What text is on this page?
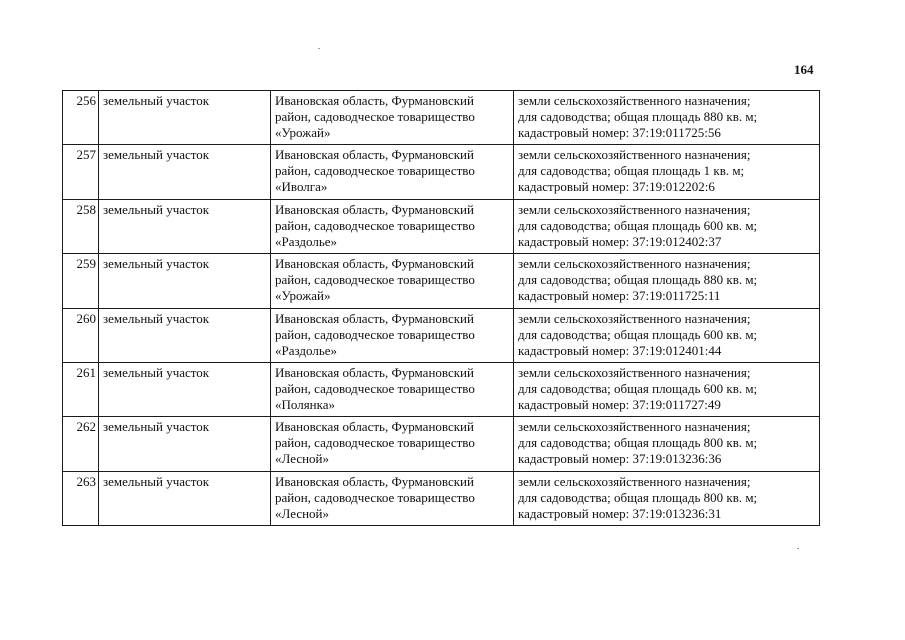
164
256	земельный участок	Ивановская область, Фурмановский
район, садоводческое товарищество
«Урожай»	земли сельскохозяйственного назначения;
для садоводства; общая площадь 880 кв. м;
кадастровый номер: 37:19:011725:56

257	земельный участок	Ивановская область, Фурмановский
район, садоводческое товарищество
«Иволга»	земли сельскохозяйственного назначения;
для садоводства; общая площадь 1 кв. м;
кадастровый номер: 37:19:012202:6

258	земельный участок	Ивановская область, Фурмановский
район, садоводческое товарищество
«Раздолье»	земли сельскохозяйственного назначения;
для садоводства; общая площадь 600 кв. м;
кадастровый номер: 37:19:012402:37

259	земельный участок	Ивановская область, Фурмановский
район, садоводческое товарищество
«Урожай»	земли сельскохозяйственного назначения;
для садоводства; общая площадь 880 кв. м;
кадастровый номер: 37:19:011725:11

260	земельный участок	Ивановская область, Фурмановский
район, садоводческое товарищество
«Раздолье»	земли сельскохозяйственного назначения;
для садоводства; общая площадь 600 кв. м;
кадастровый номер: 37:19:012401:44

261	земельный участок	Ивановская область, Фурмановский
район, садоводческое товарищество
«Полянка»	земли сельскохозяйственного назначения;
для садоводства; общая площадь 600 кв. м;
кадастровый номер: 37:19:011727:49

262	земельный участок	Ивановская область, Фурмановский
район, садоводческое товарищество
«Лесной»	земли сельскохозяйственного назначения;
для садоводства; общая площадь 800 кв. м;
кадастровый номер: 37:19:013236:36

263	земельный участок	Ивановская область, Фурмановский
район, садоводческое товарищество
«Лесной»	земли сельскохозяйственного назначения;
для садоводства; общая площадь 800 кв. м;
кадастровый номер: 37:19:013236:31
